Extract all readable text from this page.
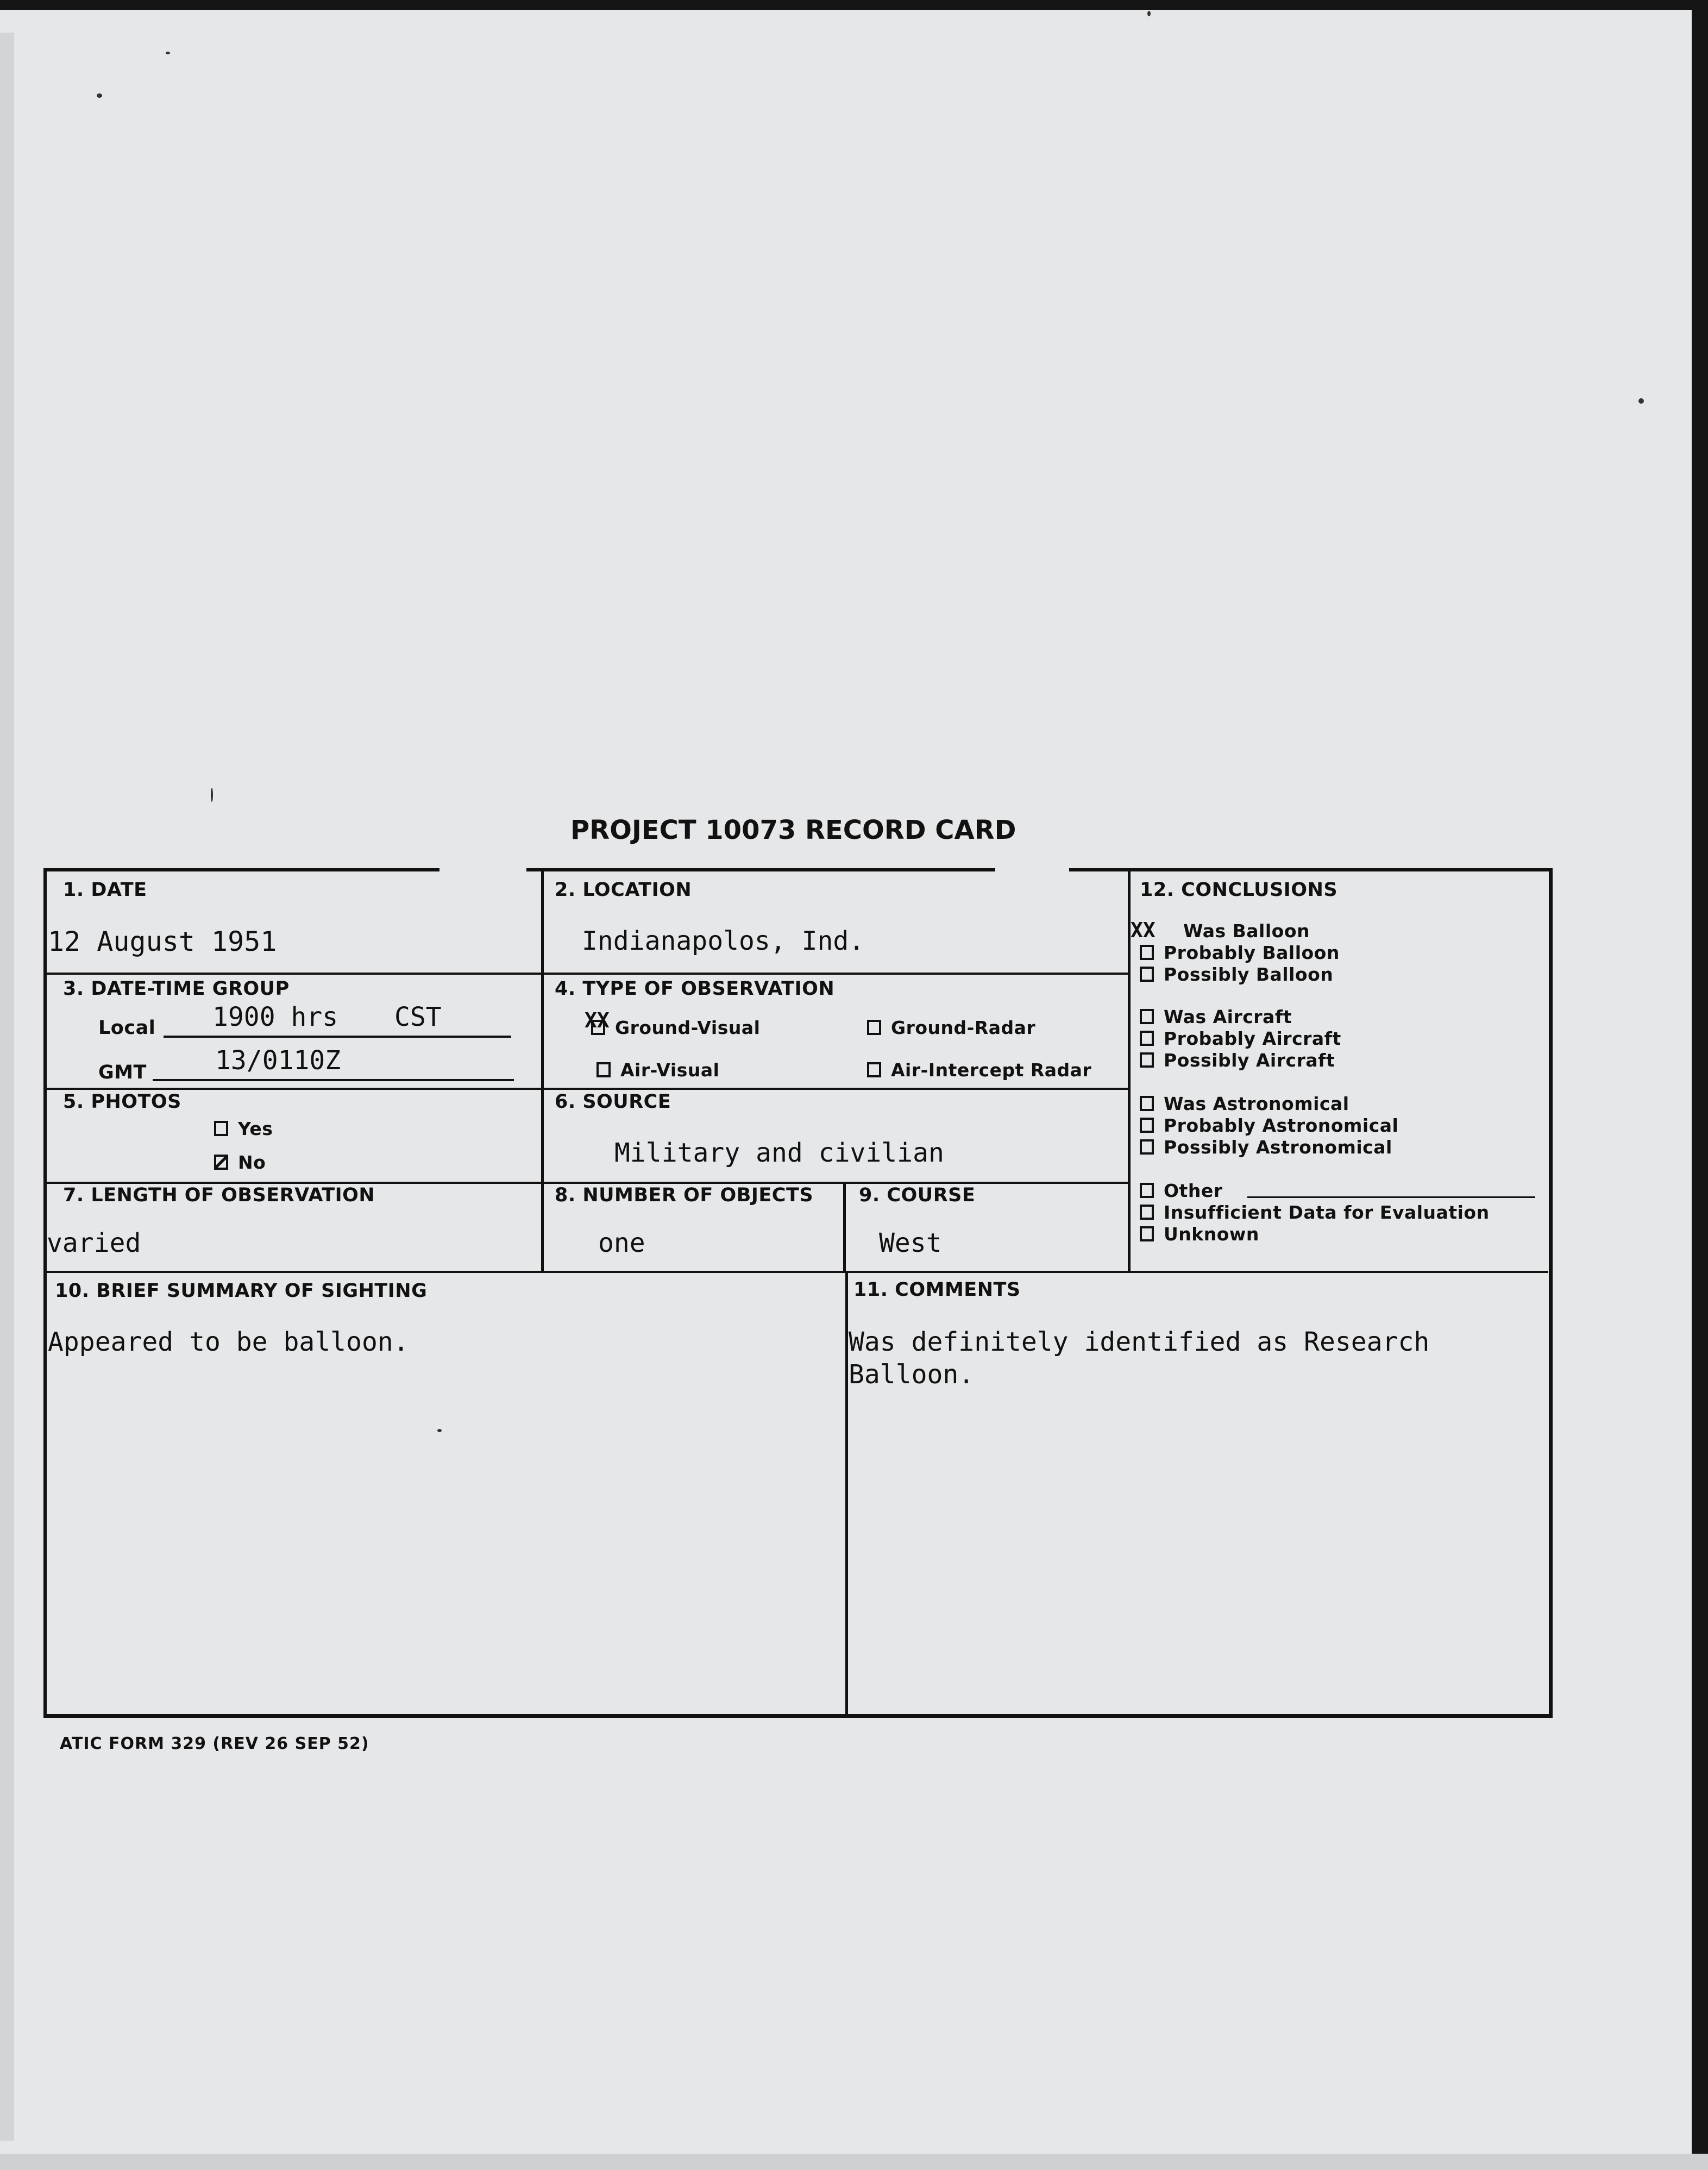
PROJECT 10073 RECORD CARD
1. DATE
12 August 1951
2. LOCATION
Indianapolos, Ind.
3. DATE-TIME GROUP
Local 1900 hrs CST
GMT	13/0110Z
4. TYPE OF OBSERVATION
XX Ground-Visual	Ground-Radar
Air-Visual	Air-Intercept Radar
5. PHOTOS
Yes
No
6. SOURCE
Military and civilian
7. LENGTH OF OBSERVATION
varied
8. NUMBER OF OBJECTS
one
9. COURSE
West
10. BRIEF SUMMARY OF SIGHTING
Appeared to be balloon.
11. COMMENTS
Was definitely identified as Research
Balloon.
12. CONCLUSIONS
XX Was Balloon
Probably Balloon
Possibly Balloon
Was Aircraft
Probably Aircraft
Possibly Aircraft
Was Astronomical
Probably Astronomical
Possibly Astronomical
Other
Insufficient Data for Evaluation
Unknown
ATIC FORM 329 (REV 26 SEP 52)
